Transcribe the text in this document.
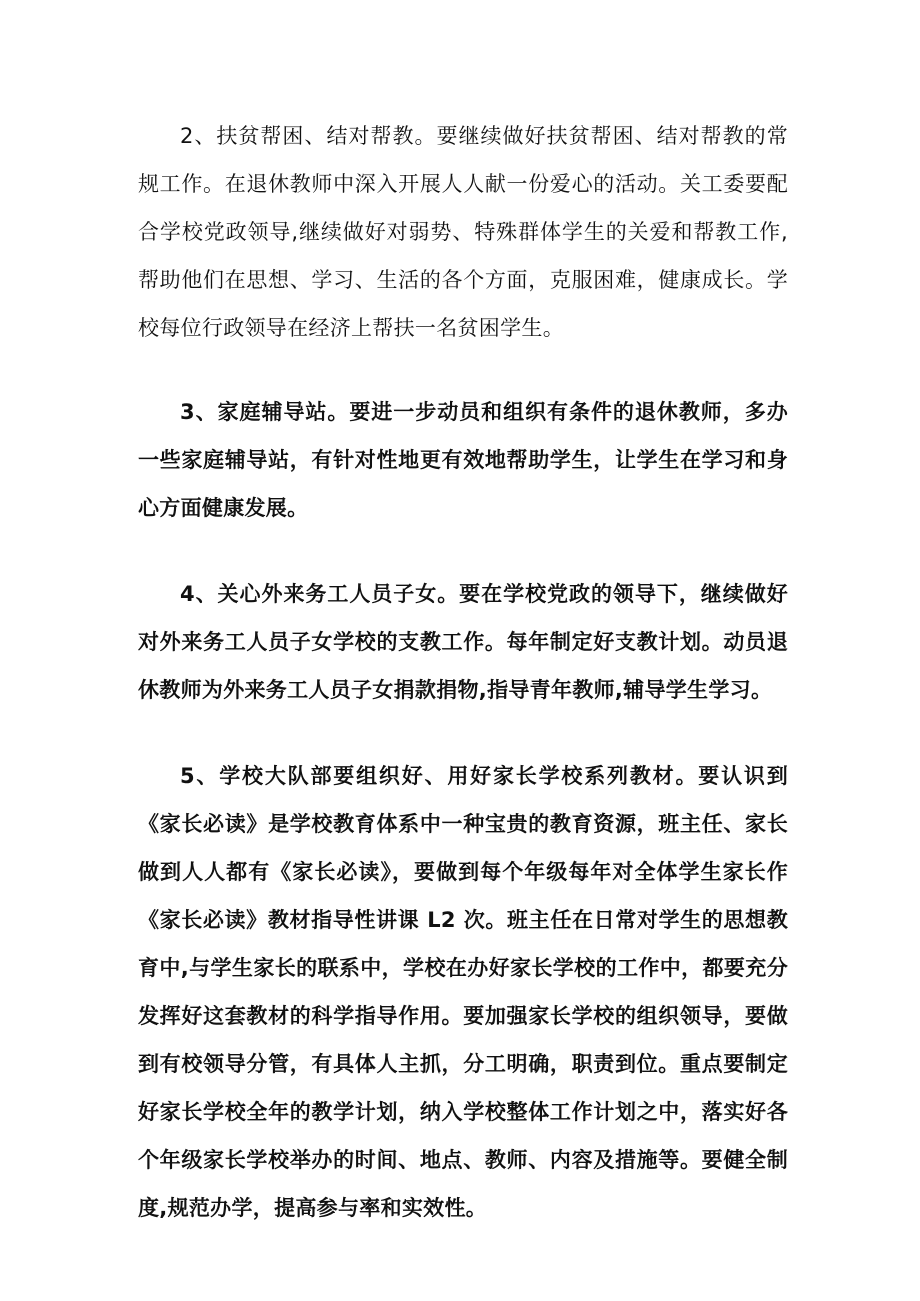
2、扶贫帮困、结对帮教。要继续做好扶贫帮困、结对帮教的常规工作。在退休教师中深入开展人人献一份爱心的活动。关工委要配合学校党政领导,继续做好对弱势、特殊群体学生的关爱和帮教工作,帮助他们在思想、学习、生活的各个方面，克服困难，健康成长。学校每位行政领导在经济上帮扶一名贫困学生。

3、家庭辅导站。要进一步动员和组织有条件的退休教师，多办一些家庭辅导站，有针对性地更有效地帮助学生，让学生在学习和身心方面健康发展。

4、关心外来务工人员子女。要在学校党政的领导下，继续做好对外来务工人员子女学校的支教工作。每年制定好支教计划。动员退休教师为外来务工人员子女捐款捐物,指导青年教师,辅导学生学习。

5、学校大队部要组织好、用好家长学校系列教材。要认识到《家长必读》是学校教育体系中一种宝贵的教育资源，班主任、家长做到人人都有《家长必读》，要做到每个年级每年对全体学生家长作《家长必读》教材指导性讲课 L2 次。班主任在日常对学生的思想教育中,与学生家长的联系中，学校在办好家长学校的工作中，都要充分发挥好这套教材的科学指导作用。要加强家长学校的组织领导，要做到有校领导分管，有具体人主抓，分工明确，职责到位。重点要制定好家长学校全年的教学计划，纳入学校整体工作计划之中，落实好各个年级家长学校举办的时间、地点、教师、内容及措施等。要健全制度,规范办学，提高参与率和实效性。
